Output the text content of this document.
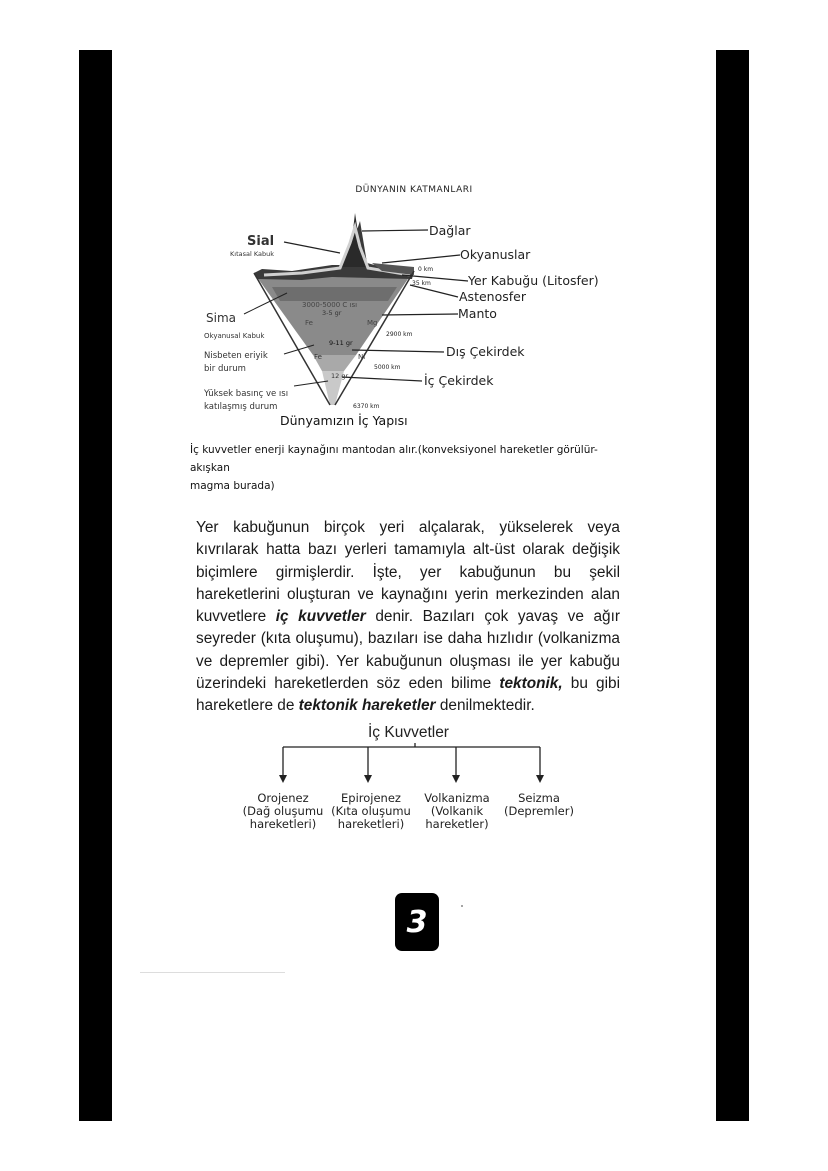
DÜNYANIN KATMANLARI
Sial
Kıtasal Kabuk
Sima
Okyanusal Kabuk
Nisbeten eriyik
bir durum
Yüksek basınç ve ısı
katılaşmış durum
Dağlar
Okyanuslar
Yer Kabuğu (Litosfer)
Astenosfer
Manto
Dış Çekirdek
İç Çekirdek
0 km
35 km
2900 km
5000 km
6370 km
3000-5000 C ısı
3-5 gr
Fe	Mg
9-11 gr
Fe	Ni
12 gr
Dünyamızın İç Yapısı
İç kuvvetler enerji kaynağını mantodan alır.(konveksiyonel hareketler görülür-akışkan
magma burada)
Yer kabuğunun birçok yeri alçalarak, yükselerek veya kıvrılarak hatta bazı yerleri tamamıyla alt-üst olarak değişik biçimlere girmişlerdir. İşte, yer kabuğunun bu şekil hareketlerini oluşturan ve kaynağını yerin merkezinden alan kuvvetlere iç kuvvetler denir. Bazıları çok yavaş ve ağır seyreder (kıta oluşumu), bazıları ise daha hızlıdır (volkanizma ve depremler gibi). Yer kabuğunun oluşması ile yer kabuğu üzerindeki hareketlerden söz eden bilime tektonik, bu gibi hareketlere de tektonik hareketler denilmektedir.
İç Kuvvetler
Orojenez
(Dağ oluşumu
hareketleri)
Epirojenez
(Kıta oluşumu
hareketleri)
Volkanizma
(Volkanik
hareketler)
Seizma
(Depremler)
3
